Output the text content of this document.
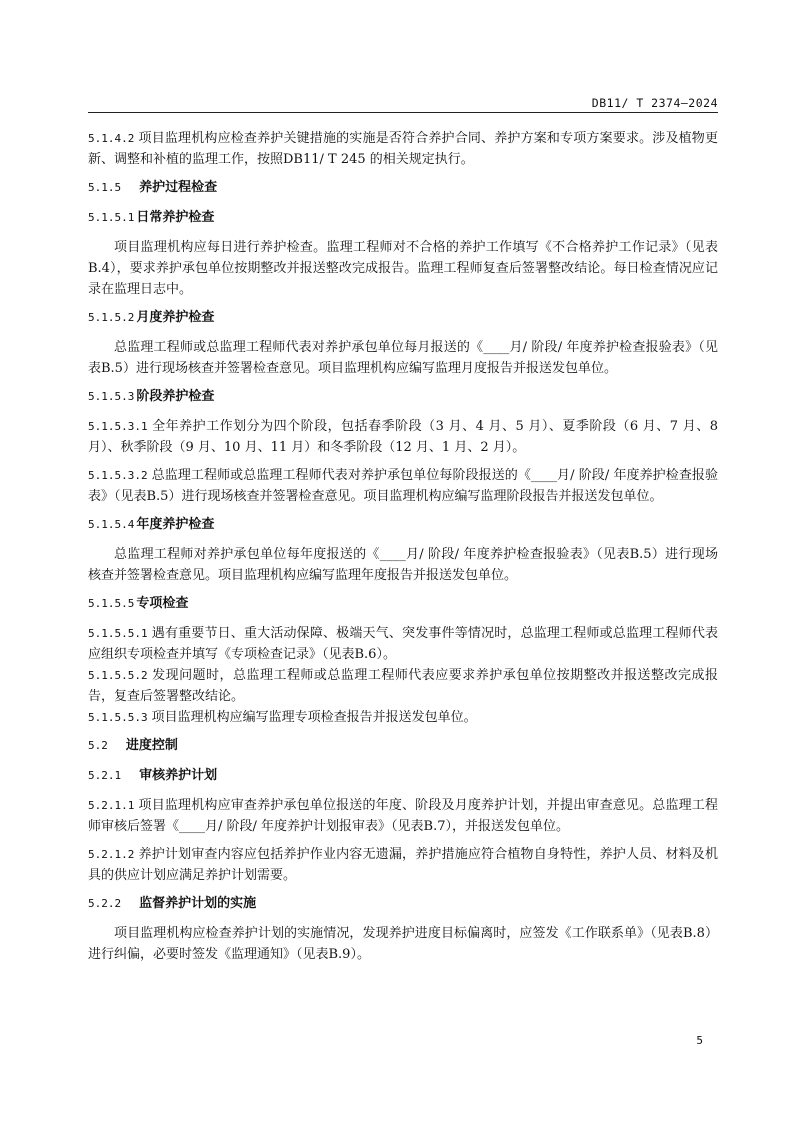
DB11/ T 2374—2024

5.1.4.2 项目监理机构应检查养护关键措施的实施是否符合养护合同、养护方案和专项方案要求。涉及植物更新、调整和补植的监理工作，按照DB11/ T 245 的相关规定执行。

5.1.5 养护过程检查
5.1.5.1 日常养护检查

项目监理机构应每日进行养护检查。监理工程师对不合格的养护工作填写《不合格养护工作记录》（见表B.4），要求养护承包单位按期整改并报送整改完成报告。监理工程师复查后签署整改结论。每日检查情况应记录在监理日志中。

5.1.5.2 月度养护检查

总监理工程师或总监理工程师代表对养护承包单位每月报送的《____月/ 阶段/ 年度养护检查报验表》（见表B.5）进行现场核查并签署检查意见。项目监理机构应编写监理月度报告并报送发包单位。

5.1.5.3 阶段养护检查

5.1.5.3.1 全年养护工作划分为四个阶段，包括春季阶段（3 月、4 月、5 月）、夏季阶段（6 月、7 月、8 月）、秋季阶段（9 月、10 月、11 月）和冬季阶段（12 月、1 月、2 月）。

5.1.5.3.2 总监理工程师或总监理工程师代表对养护承包单位每阶段报送的《____月/ 阶段/ 年度养护检查报验表》（见表B.5）进行现场核查并签署检查意见。项目监理机构应编写监理阶段报告并报送发包单位。

5.1.5.4 年度养护检查

总监理工程师对养护承包单位每年度报送的《____月/ 阶段/ 年度养护检查报验表》（见表B.5）进行现场核查并签署检查意见。项目监理机构应编写监理年度报告并报送发包单位。

5.1.5.5 专项检查

5.1.5.5.1 遇有重要节日、重大活动保障、极端天气、突发事件等情况时，总监理工程师或总监理工程师代表应组织专项检查并填写《专项检查记录》（见表B.6）。

5.1.5.5.2 发现问题时，总监理工程师或总监理工程师代表应要求养护承包单位按期整改并报送整改完成报告，复查后签署整改结论。

5.1.5.5.3 项目监理机构应编写监理专项检查报告并报送发包单位。

5.2 进度控制
5.2.1 审核养护计划

5.2.1.1 项目监理机构应审查养护承包单位报送的年度、阶段及月度养护计划，并提出审查意见。总监理工程师审核后签署《____月/ 阶段/ 年度养护计划报审表》（见表B.7），并报送发包单位。

5.2.1.2 养护计划审查内容应包括养护作业内容无遗漏，养护措施应符合植物自身特性，养护人员、材料及机具的供应计划应满足养护计划需要。

5.2.2 监督养护计划的实施

项目监理机构应检查养护计划的实施情况，发现养护进度目标偏离时，应签发《工作联系单》（见表B.8）进行纠偏，必要时签发《监理通知》（见表B.9）。

5
